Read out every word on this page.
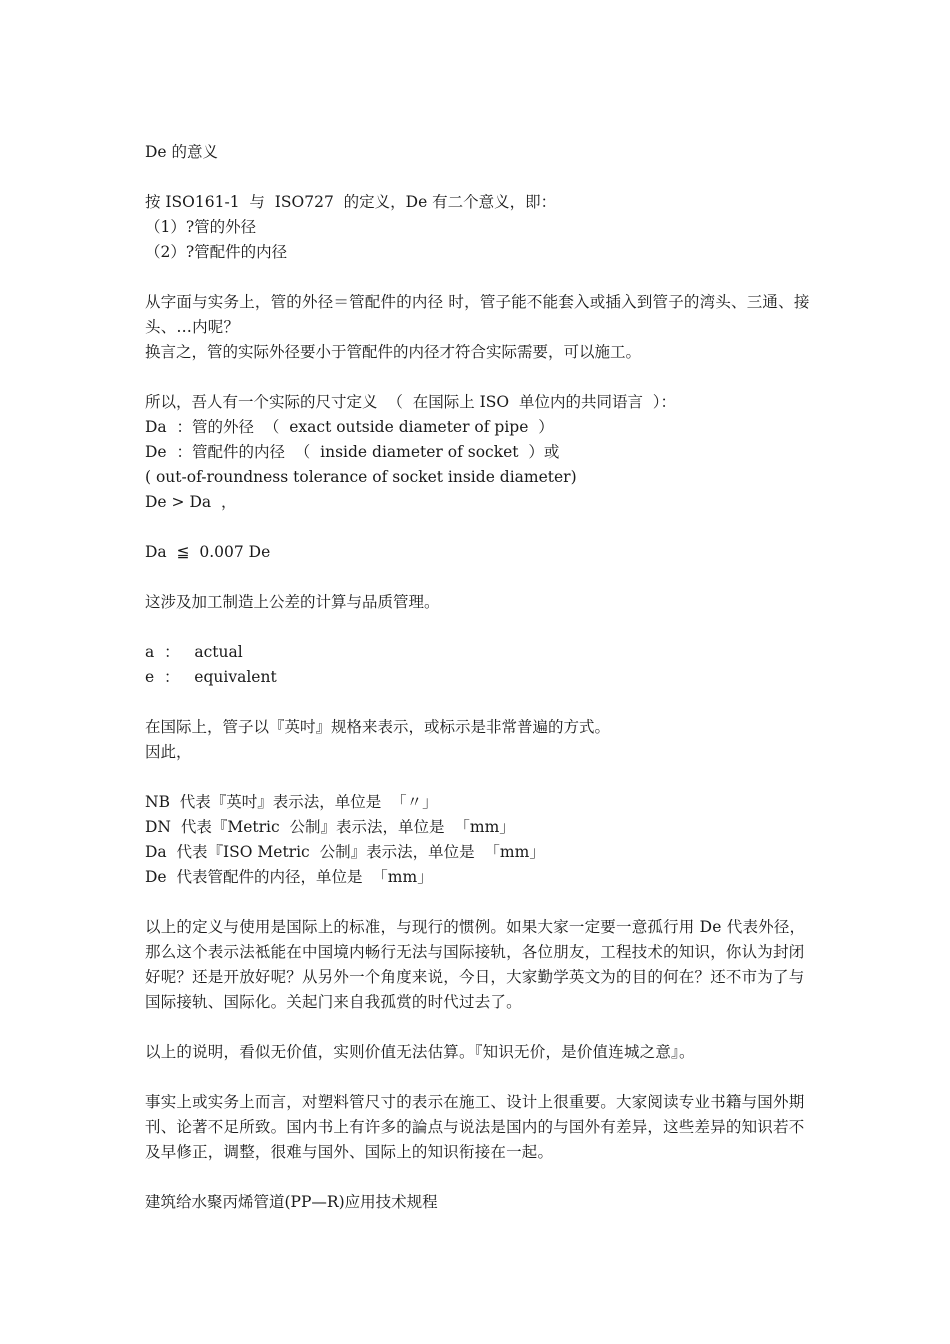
De 的意义
按 ISO161-1  与  ISO727  的定义，De 有二个意义，即：
（1）?管的外径
（2）?管配件的内径
从字面与实务上，管的外径＝管配件的内径 时，管子能不能套入或插入到管子的湾头、三通、接头、…内呢？
换言之，管的实际外径要小于管配件的内径才符合实际需要，可以施工。
所以，吾人有一个实际的尺寸定义  （  在国际上 ISO  单位内的共同语言  ）：
Da  ：管的外径  （  exact outside diameter of pipe  ）
De  ：管配件的内径  （  inside diameter of socket  ）或
( out-of-roundness tolerance of socket inside diameter)
De > Da  ，
Da  ≦  0.007 De
这涉及加工制造上公差的计算与品质管理。
a  ：   actual
e  ：   equivalent
在国际上，管子以『英吋』规格来表示，或标示是非常普遍的方式。
因此，
NB  代表『英吋』表示法，单位是  「〃」
DN  代表『Metric  公制』表示法，单位是  「mm」
Da  代表『ISO Metric  公制』表示法，单位是  「mm」
De  代表管配件的内径，单位是  「mm」
以上的定义与使用是国际上的标准，与现行的惯例。如果大家一定要一意孤行用 De 代表外径，那么这个表示法袛能在中国境内畅行无法与国际接轨，各位朋友，工程技术的知识，你认为封闭好呢？还是开放好呢？从另外一个角度来说，今日，大家勤学英文为的目的何在？还不市为了与国际接轨、国际化。关起门来自我孤赏的时代过去了。
以上的说明，看似无价值，实则价值无法估算。『知识无价，是价值连城之意』。
事实上或实务上而言，对塑料管尺寸的表示在施工、设计上很重要。大家阅读专业书籍与国外期刊、论著不足所致。国内书上有许多的論点与说法是国内的与国外有差异，这些差异的知识若不及早修正，调整，很难与国外、国际上的知识衔接在一起。
建筑给水聚丙烯管道(PP—R)应用技术规程
